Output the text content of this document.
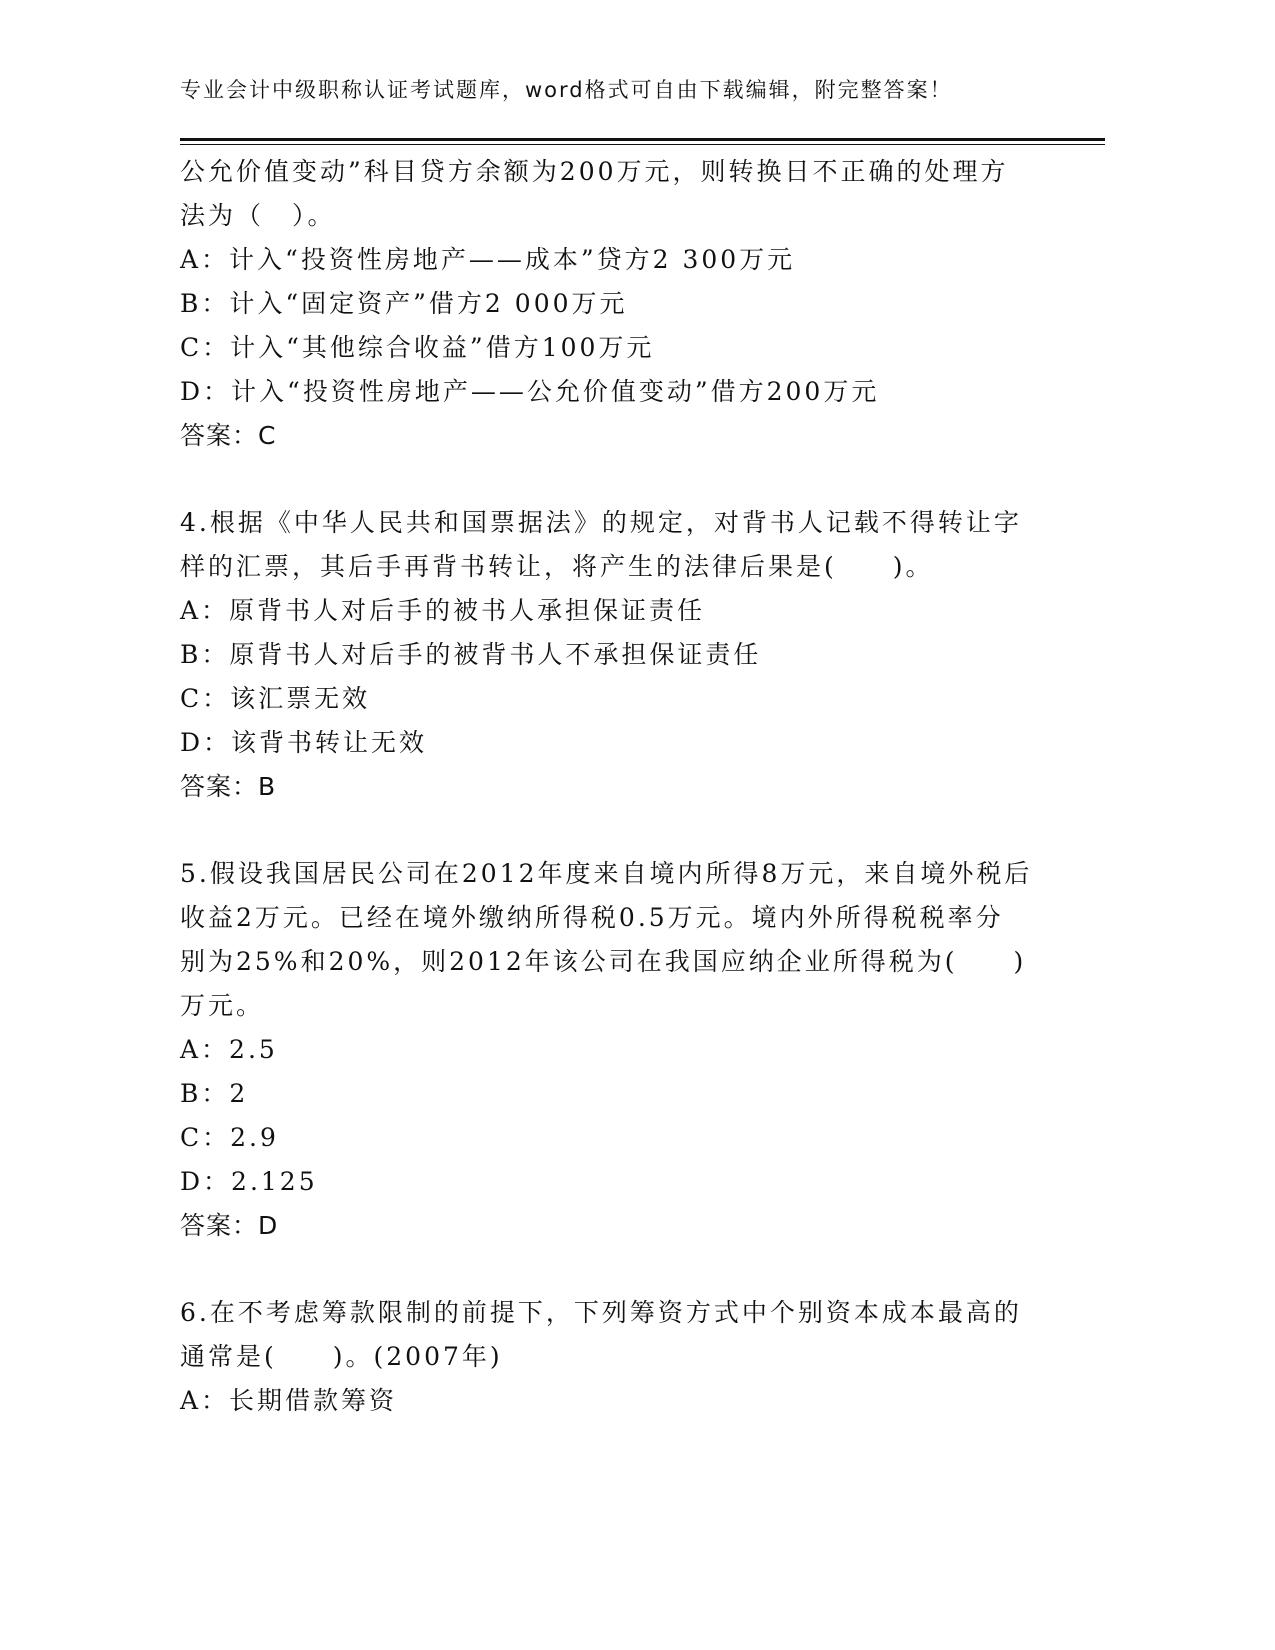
专业会计中级职称认证考试题库，word格式可自由下载编辑，附完整答案！
公允价值变动”科目贷方余额为200万元，则转换日不正确的处理方
法为（　）。
A：计入“投资性房地产——成本”贷方2 300万元
B：计入“固定资产”借方2 000万元
C：计入“其他综合收益”借方100万元
D：计入“投资性房地产——公允价值变动”借方200万元
答案：C
4.根据《中华人民共和国票据法》的规定，对背书人记载不得转让字
样的汇票，其后手再背书转让，将产生的法律后果是(　　)。
A：原背书人对后手的被书人承担保证责任
B：原背书人对后手的被背书人不承担保证责任
C：该汇票无效
D：该背书转让无效
答案：B
5.假设我国居民公司在2012年度来自境内所得8万元，来自境外税后
收益2万元。已经在境外缴纳所得税0.5万元。境内外所得税税率分
别为25%和20%，则2012年该公司在我国应纳企业所得税为(　　)
万元。
A：2.5
B：2
C：2.9
D：2.125
答案：D
6.在不考虑筹款限制的前提下，下列筹资方式中个别资本成本最高的
通常是(　　)。(2007年)
A：长期借款筹资
